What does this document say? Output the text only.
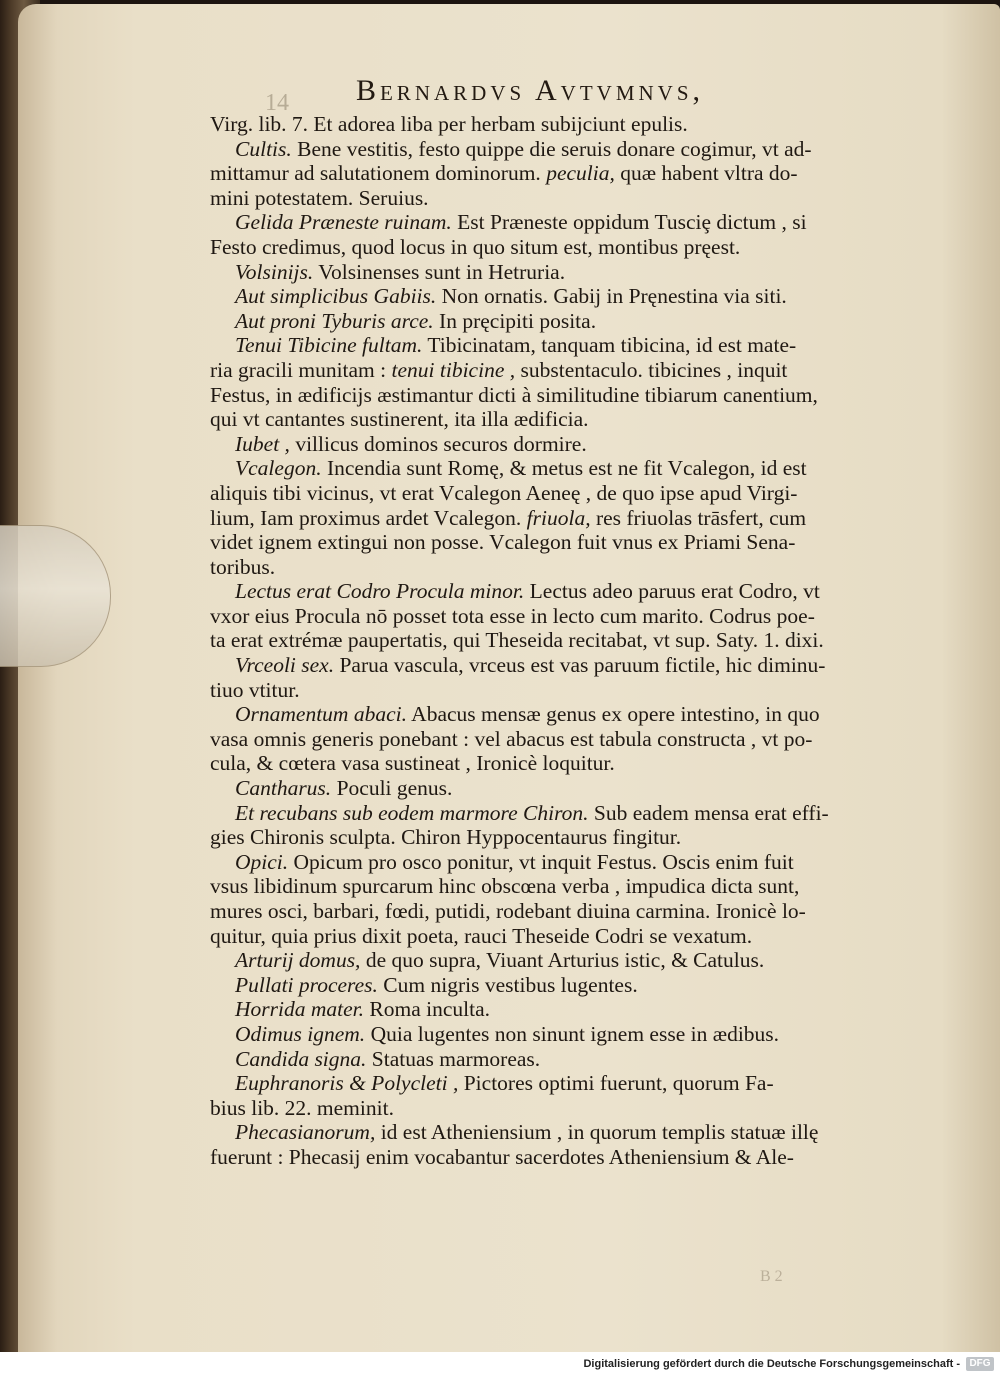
14	Bernardvs Avtvmnvs,
Virg. lib. 7. Et adorea liba per herbam subijciunt epulis.
Cultis. Bene vestitis, festo quippe die seruis donare cogimur, vt ad-
mittamur ad salutationem dominorum. peculia, quæ habent vltra do-
mini potestatem. Seruius.
Gelida Præneste ruinam. Est Præneste oppidum Tusciȩ dictum , si
Festo credimus, quod locus in quo situm est, montibus pręest.
Volsinijs. Volsinenses sunt in Hetruria.
Aut simplicibus Gabiis. Non ornatis. Gabij in Pręnestina via siti.
Aut proni Tyburis arce. In pręcipiti posita.
Tenui Tibicine fultam. Tibicinatam, tanquam tibicina, id est mate-
ria gracili munitam : tenui tibicine , substentaculo. tibicines , inquit
Festus, in ædificijs æstimantur dicti à similitudine tibiarum canentium,
qui vt cantantes sustinerent, ita illa ædificia.
Iubet , villicus dominos securos dormire.
Vcalegon. Incendia sunt Romę, & metus est ne fit Vcalegon, id est
aliquis tibi vicinus, vt erat Vcalegon Aeneę , de quo ipse apud Virgi-
lium, Iam proximus ardet Vcalegon. friuola, res friuolas trāsfert, cum
videt ignem extingui non posse. Vcalegon fuit vnus ex Priami Sena-
toribus.
Lectus erat Codro Procula minor. Lectus adeo paruus erat Codro, vt
vxor eius Procula nō posset tota esse in lecto cum marito. Codrus poe-
ta erat extrémæ paupertatis, qui Theseida recitabat, vt sup. Saty. 1. dixi.
Vrceoli sex. Parua vascula, vrceus est vas paruum fictile, hic diminu-
tiuo vtitur.
Ornamentum abaci. Abacus mensæ genus ex opere intestino, in quo
vasa omnis generis ponebant : vel abacus est tabula constructa , vt po-
cula, & cœtera vasa sustineat , Ironicè loquitur.
Cantharus. Poculi genus.
Et recubans sub eodem marmore Chiron. Sub eadem mensa erat effi-
gies Chironis sculpta. Chiron Hyppocentaurus fingitur.
Opici. Opicum pro osco ponitur, vt inquit Festus. Oscis enim fuit
vsus libidinum spurcarum hinc obscœna verba , impudica dicta sunt,
mures osci, barbari, fœdi, putidi, rodebant diuina carmina. Ironicè lo-
quitur, quia prius dixit poeta, rauci Theseide Codri se vexatum.
Arturij domus, de quo supra, Viuant Arturius istic, & Catulus.
Pullati proceres. Cum nigris vestibus lugentes.
Horrida mater. Roma inculta.
Odimus ignem. Quia lugentes non sinunt ignem esse in ædibus.
Candida signa. Statuas marmoreas.
Euphranoris & Polycleti , Pictores optimi fuerunt, quorum Fa-
bius lib. 22. meminit.
Phecasianorum, id est Atheniensium , in quorum templis statuæ illę
fuerunt : Phecasij enim vocabantur sacerdotes Atheniensium & Ale-
B 2
Digitalisierung gefördert durch die Deutsche Forschungsgemeinschaft - DFG
